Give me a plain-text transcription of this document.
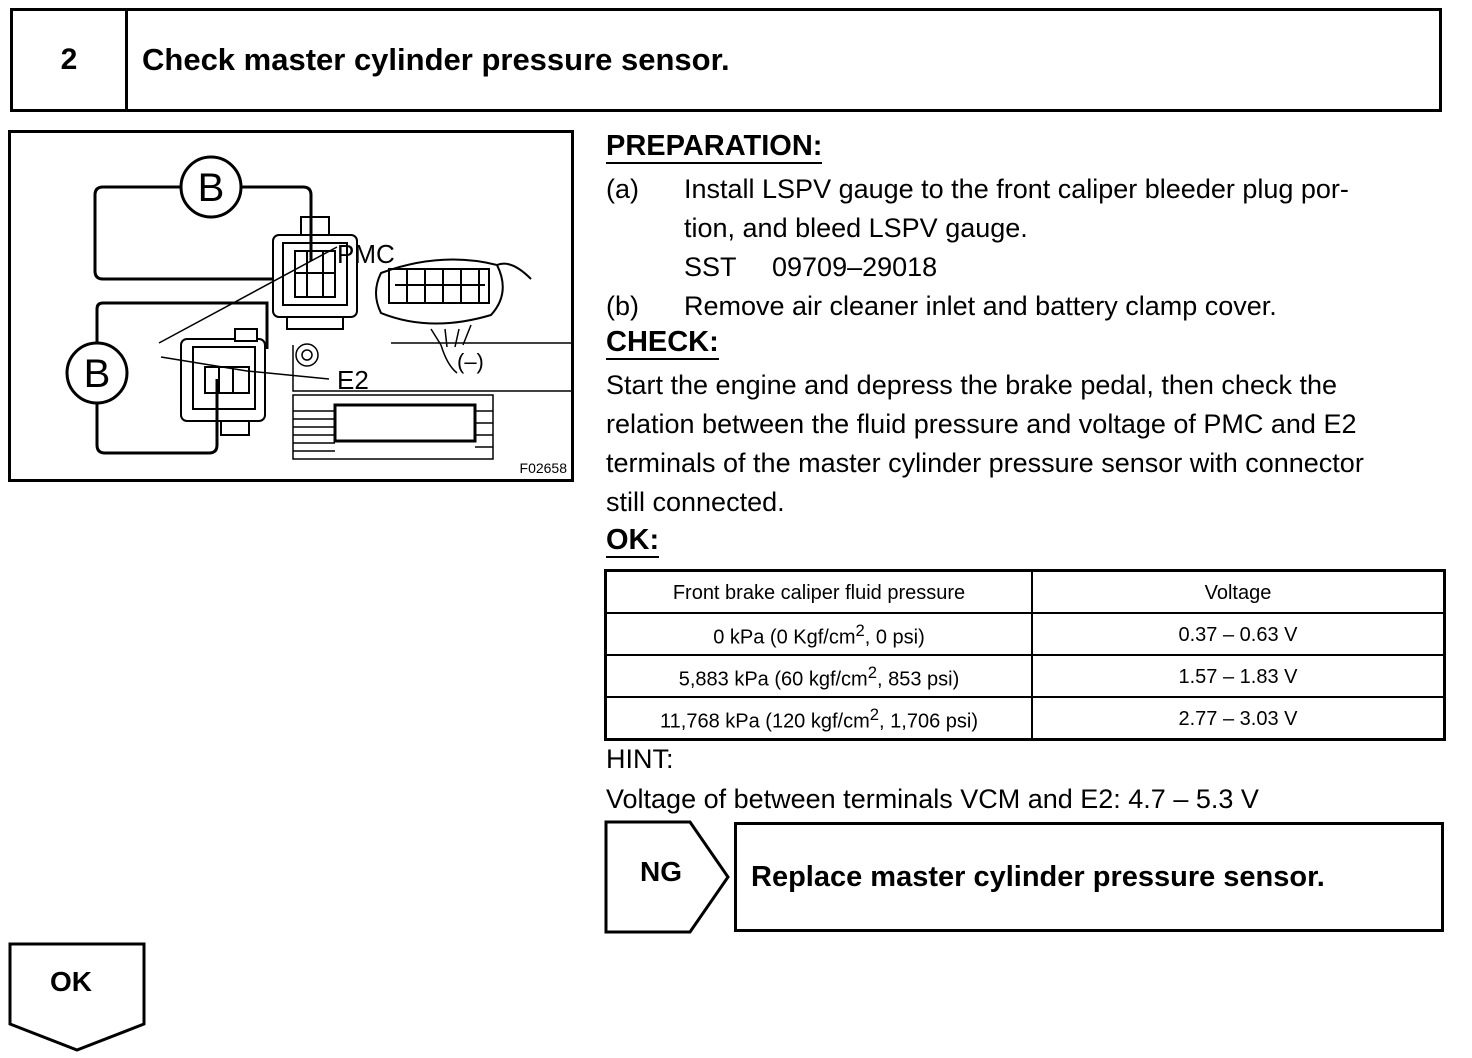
2	Check master cylinder pressure sensor.
B
B
PMC
E2
(–)
F02658
PREPARATION:
(a)	Install LSPV gauge to the front caliper bleeder plug por-
tion, and bleed LSPV gauge.
SST	09709–29018
(b)	Remove air cleaner inlet and battery clamp cover.
CHECK:
Start the engine and depress the brake pedal, then check the
relation between the fluid pressure and voltage of PMC and E2
terminals of the master cylinder pressure sensor with connector
still connected.
OK:
Front brake caliper fluid pressure	Voltage
0 kPa (0 Kgf/$cm^2$, 0 psi)	0.37 – 0.63 V
5,883 kPa (60 kgf/$cm^2$, 853 psi)	1.57 – 1.83 V
11,768 kPa (120 kgf/$cm^2$, 1,706 psi)	2.77 – 3.03 V
HINT:
Voltage of between terminals VCM and E2: 4.7 – 5.3 V
NG	Replace master cylinder pressure sensor.
OK
